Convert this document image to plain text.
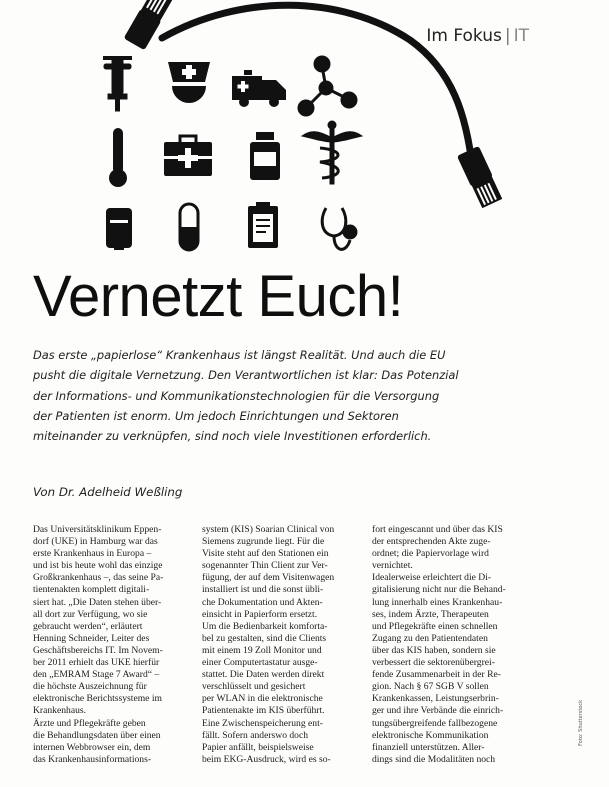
Im Fokus | IT
Vernetzt Euch!

Das erste „papierlose“ Krankenhaus ist längst Realität. Und auch die EU
pusht die digitale Vernetzung. Den Verantwortlichen ist klar: Das Potenzial
der Informations- und Kommunikationstechnologien für die Versorgung
der Patienten ist enorm. Um jedoch Einrichtungen und Sektoren
miteinander zu verknüpfen, sind noch viele Investitionen erforderlich.

Von Dr. Adelheid Weßling

Das Universitätsklinikum Eppen-
dorf (UKE) in Hamburg war das
erste Krankenhaus in Europa –
und ist bis heute wohl das einzige
Großkrankenhaus –, das seine Pa-
tientenakten komplett digitali-
siert hat. „Die Daten stehen über-
all dort zur Verfügung, wo sie
gebraucht werden“, erläutert
Henning Schneider, Leiter des
Geschäftsbereichs IT. Im Novem-
ber 2011 erhielt das UKE hierfür
den „EMRAM Stage 7 Award“ –
die höchste Auszeichnung für
elektronische Berichtssysteme im
Krankenhaus.
Ärzte und Pflegekräfte geben
die Behandlungsdaten über einen
internen Webbrowser ein, dem
das Krankenhausinformations-
system (KIS) Soarian Clinical von
Siemens zugrunde liegt. Für die
Visite steht auf den Stationen ein
sogenannter Thin Client zur Ver-
fügung, der auf dem Visitenwagen
installiert ist und die sonst übli-
che Dokumentation und Akten-
einsicht in Papierform ersetzt.
Um die Bedienbarkeit komforta-
bel zu gestalten, sind die Clients
mit einem 19 Zoll Monitor und
einer Computertastatur ausge-
stattet. Die Daten werden direkt
verschlüsselt und gesichert
per WLAN in die elektronische
Patientenakte im KIS überführt.
Eine Zwischenspeicherung ent-
fällt. Sofern anderswo doch
Papier anfällt, beispielsweise
beim EKG-Ausdruck, wird es so-
fort eingescannt und über das KIS
der entsprechenden Akte zuge-
ordnet; die Papiervorlage wird
vernichtet.
Idealerweise erleichtert die Di-
gitalisierung nicht nur die Behand-
lung innerhalb eines Krankenhau-
ses, indem Ärzte, Therapeuten
und Pflegekräfte einen schnellen
Zugang zu den Patientendaten
über das KIS haben, sondern sie
verbessert die sektorenübergrei-
fende Zusammenarbeit in der Re-
gion. Nach § 67 SGB V sollen
Krankenkassen, Leistungserbrin-
ger und ihre Verbände die einrich-
tungsübergreifende fallbezogene
elektronische Kommunikation
finanziell unterstützen. Aller-
dings sind die Modalitäten noch
Foto: Shutterstock
